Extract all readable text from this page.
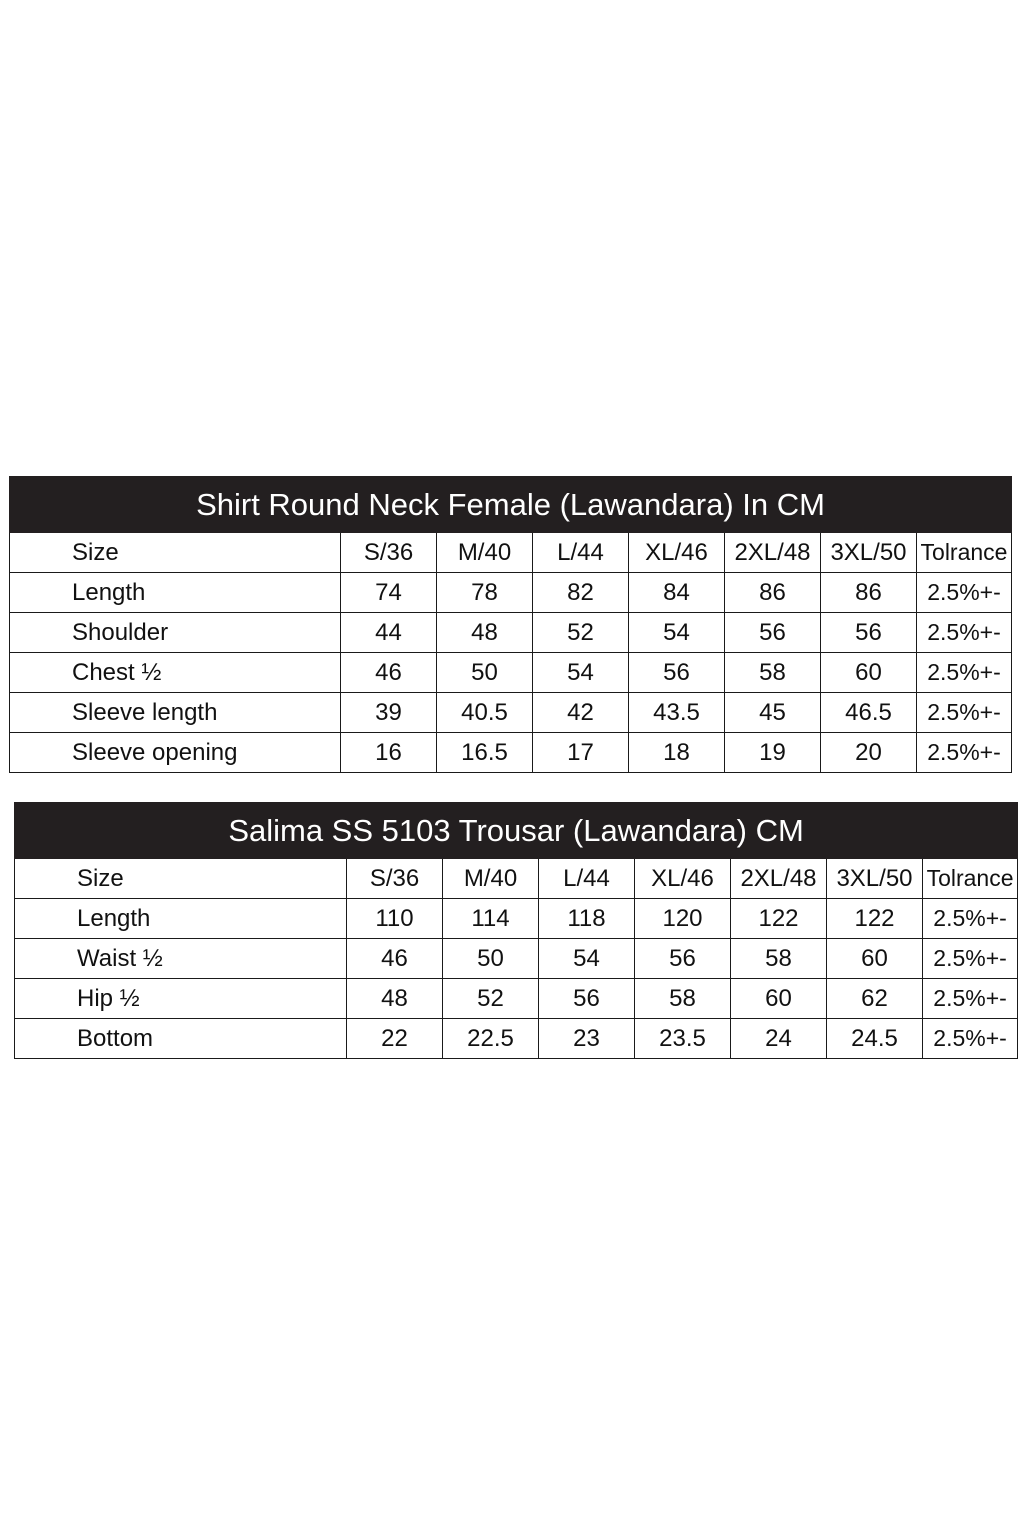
Shirt Round Neck Female (Lawandara) In CM							
Size	S/36	M/40	L/44	XL/46	2XL/48	3XL/50	Tolrance
Length	74	78	82	84	86	86	2.5%+-
Shoulder	44	48	52	54	56	56	2.5%+-
Chest ½	46	50	54	56	58	60	2.5%+-
Sleeve length	39	40.5	42	43.5	45	46.5	2.5%+-
Sleeve opening	16	16.5	17	18	19	20	2.5%+-
Salima SS 5103 Trousar (Lawandara) CM							
Size	S/36	M/40	L/44	XL/46	2XL/48	3XL/50	Tolrance
Length	110	114	118	120	122	122	2.5%+-
Waist ½	46	50	54	56	58	60	2.5%+-
Hip ½	48	52	56	58	60	62	2.5%+-
Bottom	22	22.5	23	23.5	24	24.5	2.5%+-
